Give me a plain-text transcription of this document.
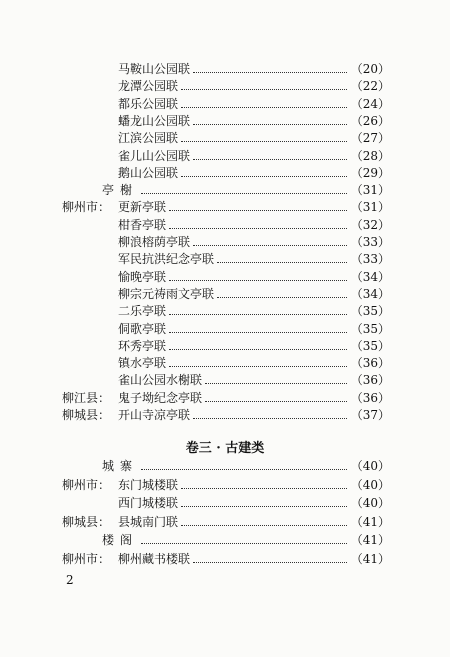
马鞍山公园联	（20）
龙潭公园联	（22）
都乐公园联	（24）
蟠龙山公园联	（26）
江滨公园联	（27）
雀儿山公园联	（28）
鹅山公园联	（29）
亭榭	（31）
柳州市： 更新亭联	（31）
柑香亭联	（32）
柳浪榕荫亭联	（33）
军民抗洪纪念亭联	（33）
愉晚亭联	（34）
柳宗元祷雨文亭联	（34）
二乐亭联	（35）
侗歌亭联	（35）
环秀亭联	（35）
镇水亭联	（36）
雀山公园水榭联	（36）
柳江县： 鬼子坳纪念亭联	（36）
柳城县： 开山寺凉亭联	（37）
卷三 · 古建类
城寨	（40）
柳州市： 东门城楼联	（40）
西门城楼联	（40）
柳城县： 县城南门联	（41）
楼阁	（41）
柳州市： 柳州藏书楼联	（41）
2
